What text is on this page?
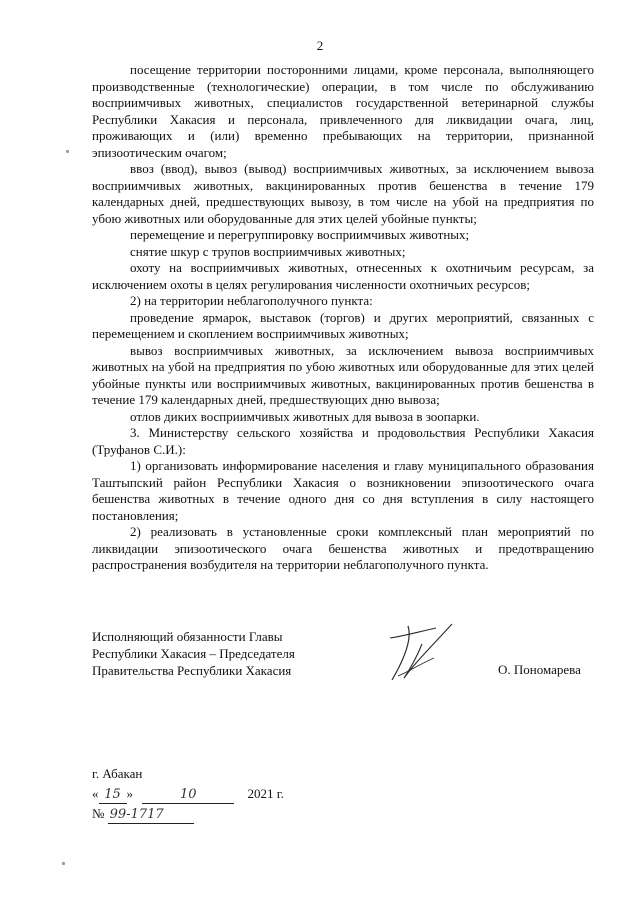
2

посещение территории посторонними лицами, кроме персонала, выполняющего производственные (технологические) операции, в том числе по обслуживанию восприимчивых животных, специалистов государственной ветеринарной службы Республики Хакасия и персонала, привлеченного для ликвидации очага, лиц, проживающих и (или) временно пребывающих на территории, признанной эпизоотическим очагом;

ввоз (ввод), вывоз (вывод) восприимчивых животных, за исключением вывоза восприимчивых животных, вакцинированных против бешенства в течение 179 календарных дней, предшествующих вывозу, в том числе на убой на предприятия по убою животных или оборудованные для этих целей убойные пункты;

перемещение и перегруппировку восприимчивых животных;

снятие шкур с трупов восприимчивых животных;

охоту на восприимчивых животных, отнесенных к охотничьим ресурсам, за исключением охоты в целях регулирования численности охотничьих ресурсов;

2) на территории неблагополучного пункта:

проведение ярмарок, выставок (торгов) и других мероприятий, связанных с перемещением и скоплением восприимчивых животных;

вывоз восприимчивых животных, за исключением вывоза восприимчивых животных на убой на предприятия по убою животных или оборудованные для этих целей убойные пункты или восприимчивых животных, вакцинированных против бешенства в течение 179 календарных дней, предшествующих дню вывоза;

отлов диких восприимчивых животных для вывоза в зоопарки.

3. Министерству сельского хозяйства и продовольствия Республики Хакасия (Труфанов С.И.):

1) организовать информирование населения и главу муниципального образования Таштыпский район Республики Хакасия о возникновении эпизоотического очага бешенства животных в течение одного дня со дня вступления в силу настоящего постановления;

2) реализовать в установленные сроки комплексный план мероприятий по ликвидации эпизоотического очага бешенства животных и предотвращению распространения возбудителя на территории неблагополучного пункта.

Исполняющий обязанности Главы
Республики Хакасия – Председателя
Правительства Республики Хакасия	О. Пономарева
г. Абакан
« 15 »	10	2021 г.
№ 99-1717
